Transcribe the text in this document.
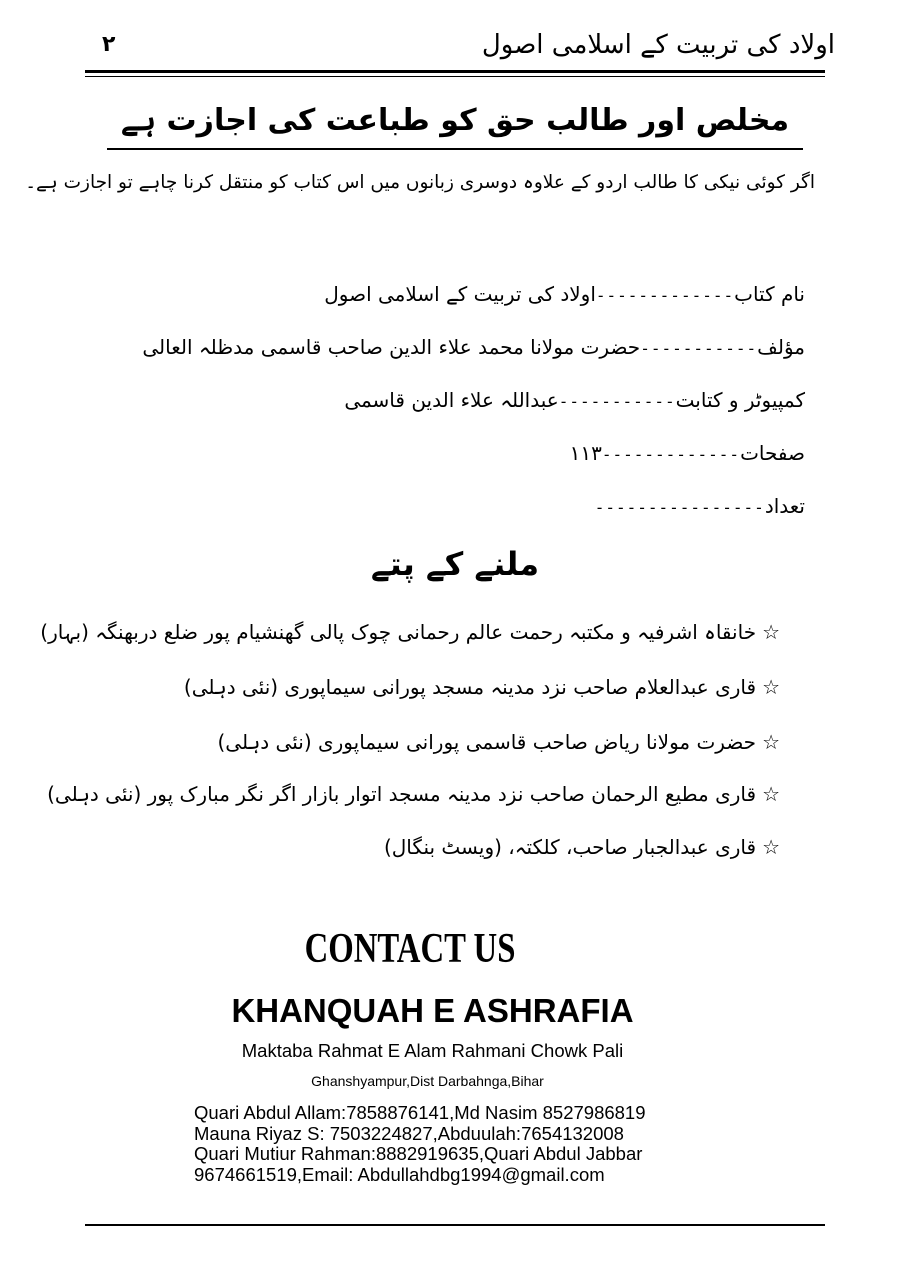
اولاد کی تربیت کے اسلامی اصول
۲
مخلص اور طالب حق کو طباعت کی اجازت ہے
اگر کوئی نیکی کا طالب اردو کے علاوہ دوسری زبانوں میں اس کتاب کو منتقل کرنا چاہے تو اجازت ہے۔
نام کتاب
-------------
اولاد کی تربیت کے اسلامی اصول
مؤلف
-----------
حضرت مولانا محمد علاء الدین صاحب قاسمی مدظلہ العالی
کمپیوٹر و کتابت
-----------
عبداللہ علاء الدین قاسمی
صفحات
-------------
۱۱۳
تعداد
----------------
ملنے کے پتے
☆
خانقاہ اشرفیہ و مکتبہ رحمت عالم رحمانی چوک پالی گھنشیام پور ضلع دربھنگہ (بہار)
☆
قاری عبدالعلام صاحب نزد مدینہ مسجد پورانی سیماپوری (نئی دہلی)
☆
حضرت مولانا ریاض صاحب قاسمی پورانی سیماپوری (نئی دہلی)
☆
قاری مطیع الرحمان صاحب نزد مدینہ مسجد اتوار بازار اگر نگر مبارک پور (نئی دہلی)
☆
قاری عبدالجبار صاحب، کلکتہ، (ویسٹ بنگال)
CONTACT US
KHANQUAH E ASHRAFIA
Maktaba Rahmat E Alam Rahmani Chowk Pali
Ghanshyampur,Dist Darbahnga,Bihar
Quari Abdul Allam:7858876141,Md Nasim 8527986819
Mauna Riyaz S: 7503224827,Abduulah:7654132008
Quari Mutiur Rahman:8882919635,Quari Abdul Jabbar
9674661519,Email: Abdullahdbg1994@gmail.com
